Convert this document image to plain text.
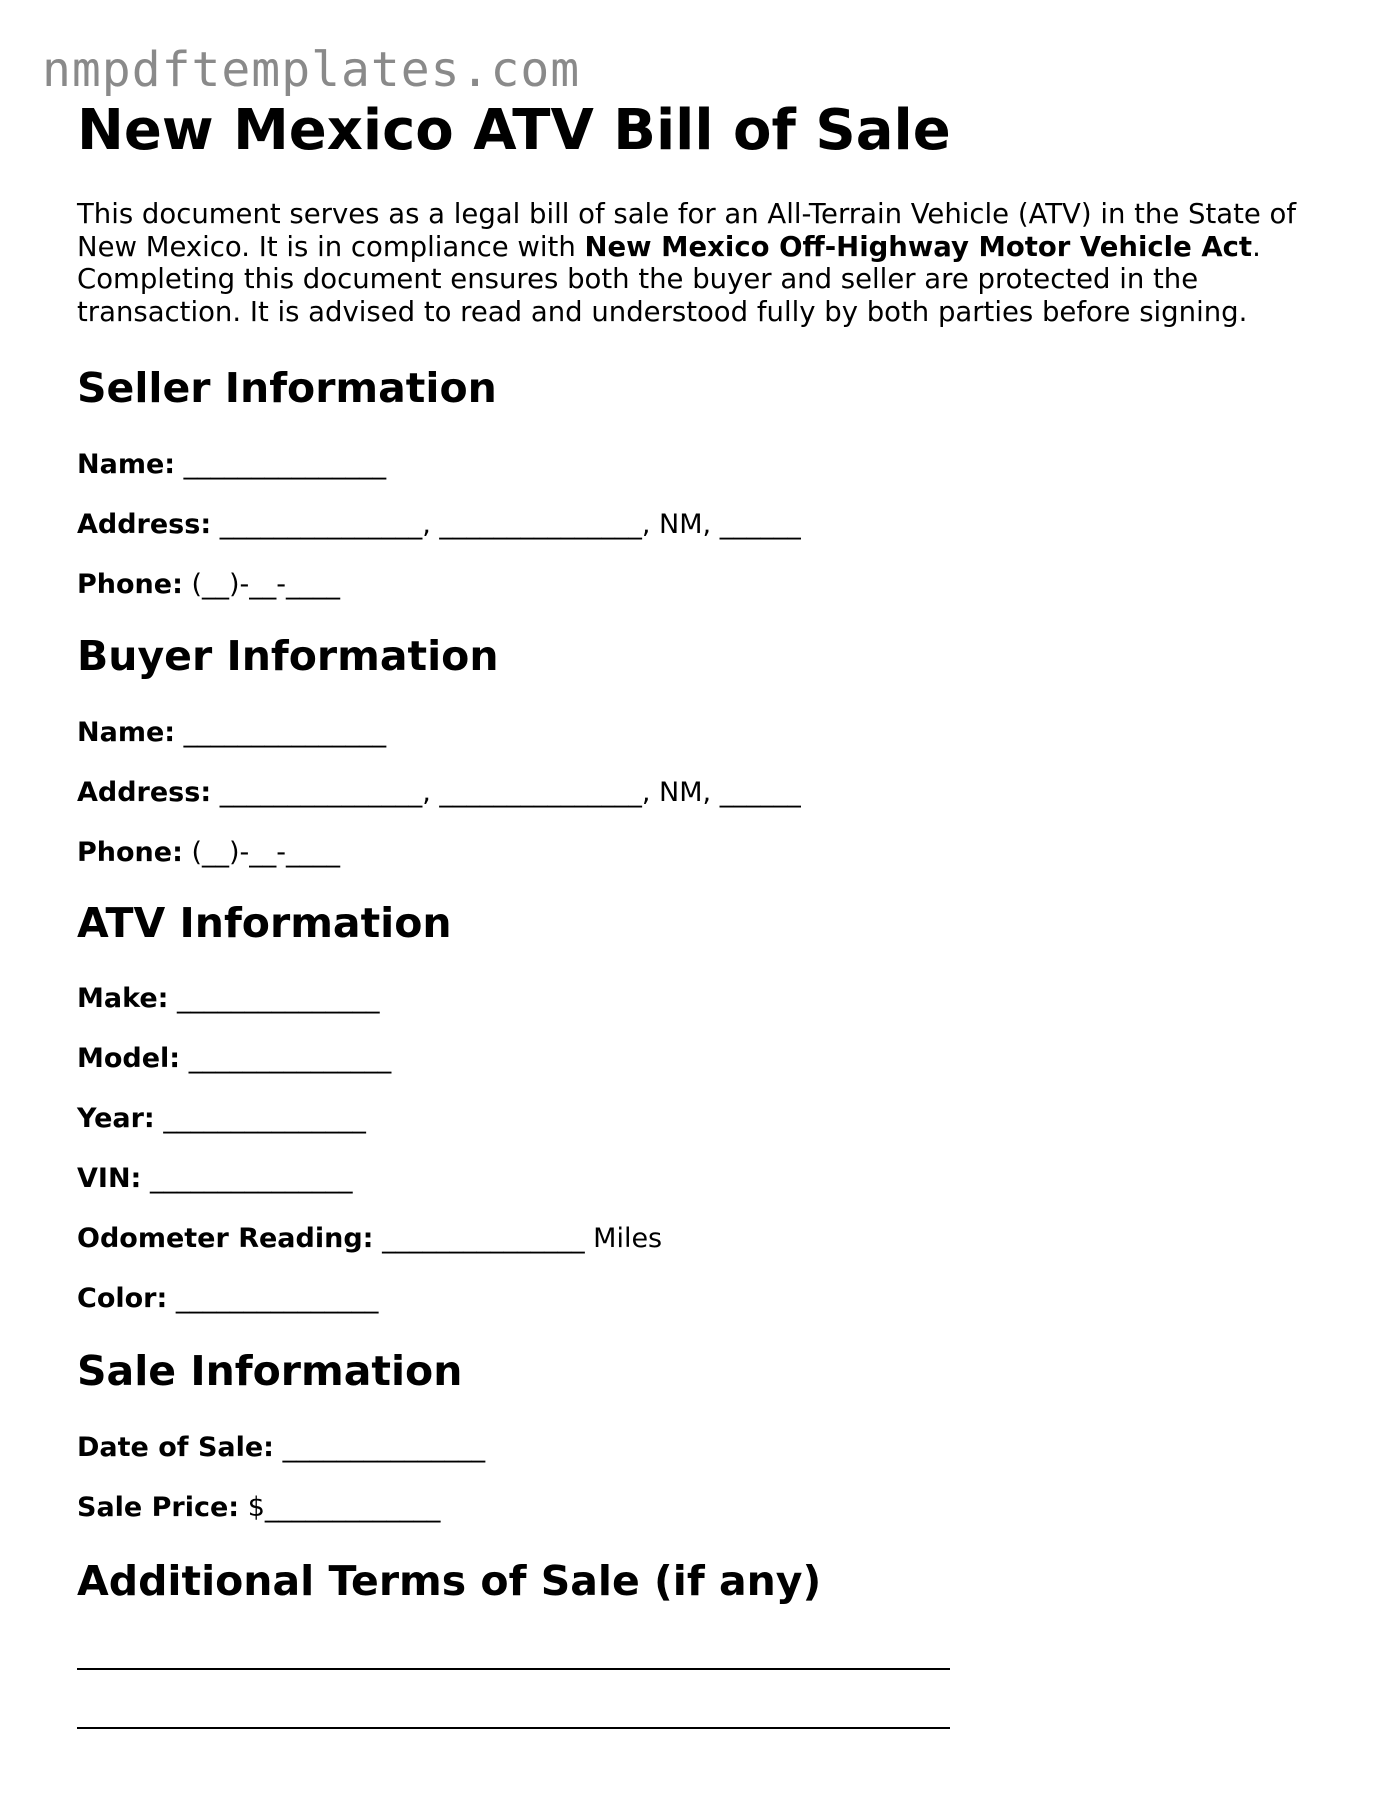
nmpdftemplates.com
New Mexico ATV Bill of Sale

This document serves as a legal bill of sale for an All-Terrain Vehicle (ATV) in the State of New Mexico. It is in compliance with New Mexico Off-Highway Motor Vehicle Act. Completing this document ensures both the buyer and seller are protected in the transaction. It is advised to read and understood fully by both parties before signing.

Seller Information
Name: _______________
Address: _______________, _______________, NM, ______
Phone: (__)-__-____
Buyer Information
Name: _______________
Address: _______________, _______________, NM, ______
Phone: (__)-__-____
ATV Information
Make: _______________
Model: _______________
Year: _______________
VIN: _______________
Odometer Reading: _______________ Miles
Color: _______________
Sale Information
Date of Sale: _______________
Sale Price: $_____________
Additional Terms of Sale (if any)
